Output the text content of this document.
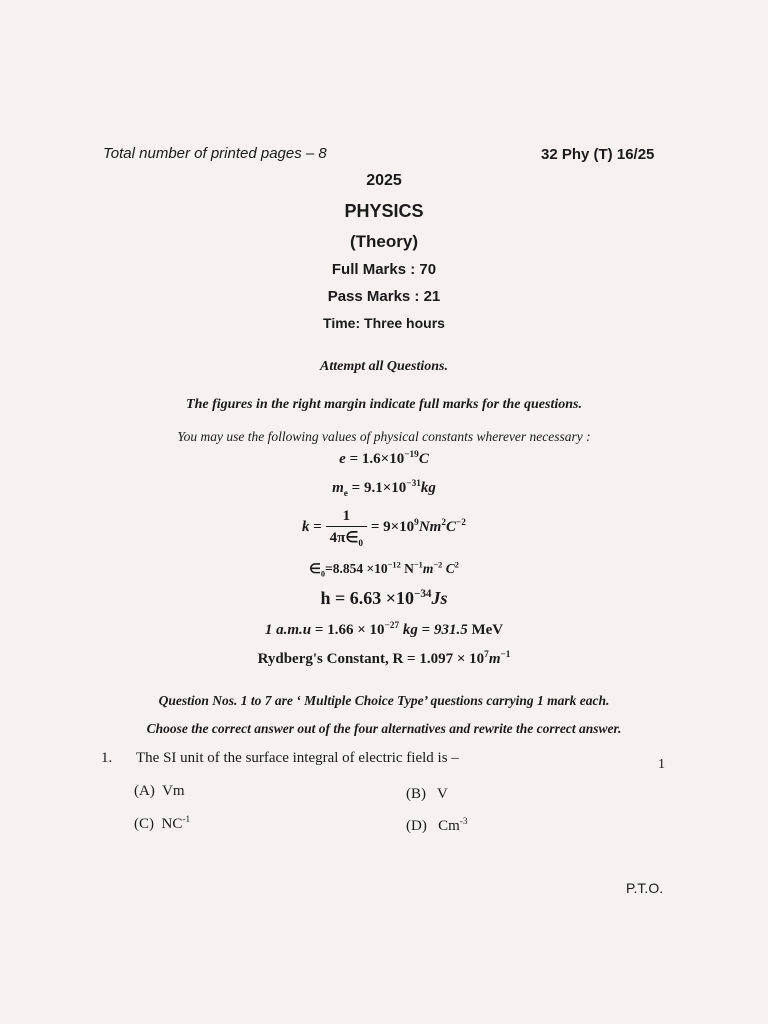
Total number of printed pages – 8	32 Phy (T) 16/25
2025
PHYSICS
(Theory)
Full Marks : 70
Pass Marks : 21
Time: Three hours
Attempt all Questions.
The figures in the right margin indicate full marks for the questions.
You may use the following values of physical constants wherever necessary :
$e = 1.6\times 10^{-19}C$
$m_e = 9.1\times 10^{-31}kg$
$k = \frac{1}{4\pi\in_0} = 9\times 10^9Nm^2C^{-2}$
$\in_0=8.854 \times 10^{-12}$ $N^{-1}m^{-2}$ $C^2$
$h = 6.63 \times 10^{-34}Js$
1 $a.m.u = 1.66 \times 10^{-27}$ kg = 931.5 MeV
Rydberg's Constant, $R = 1.097 \times 10^7m^{-1}$
Question Nos. 1 to 7 are ‘ Multiple Choice Type’ questions carrying 1 mark each.
Choose the correct answer out of the four alternatives and rewrite the correct answer.
1. The SI unit of the surface integral of electric field is –	1
(A) Vm	(B) V
(C) $NC^{-1}$	(D) $Cm^{-3}$
P.T.O.
